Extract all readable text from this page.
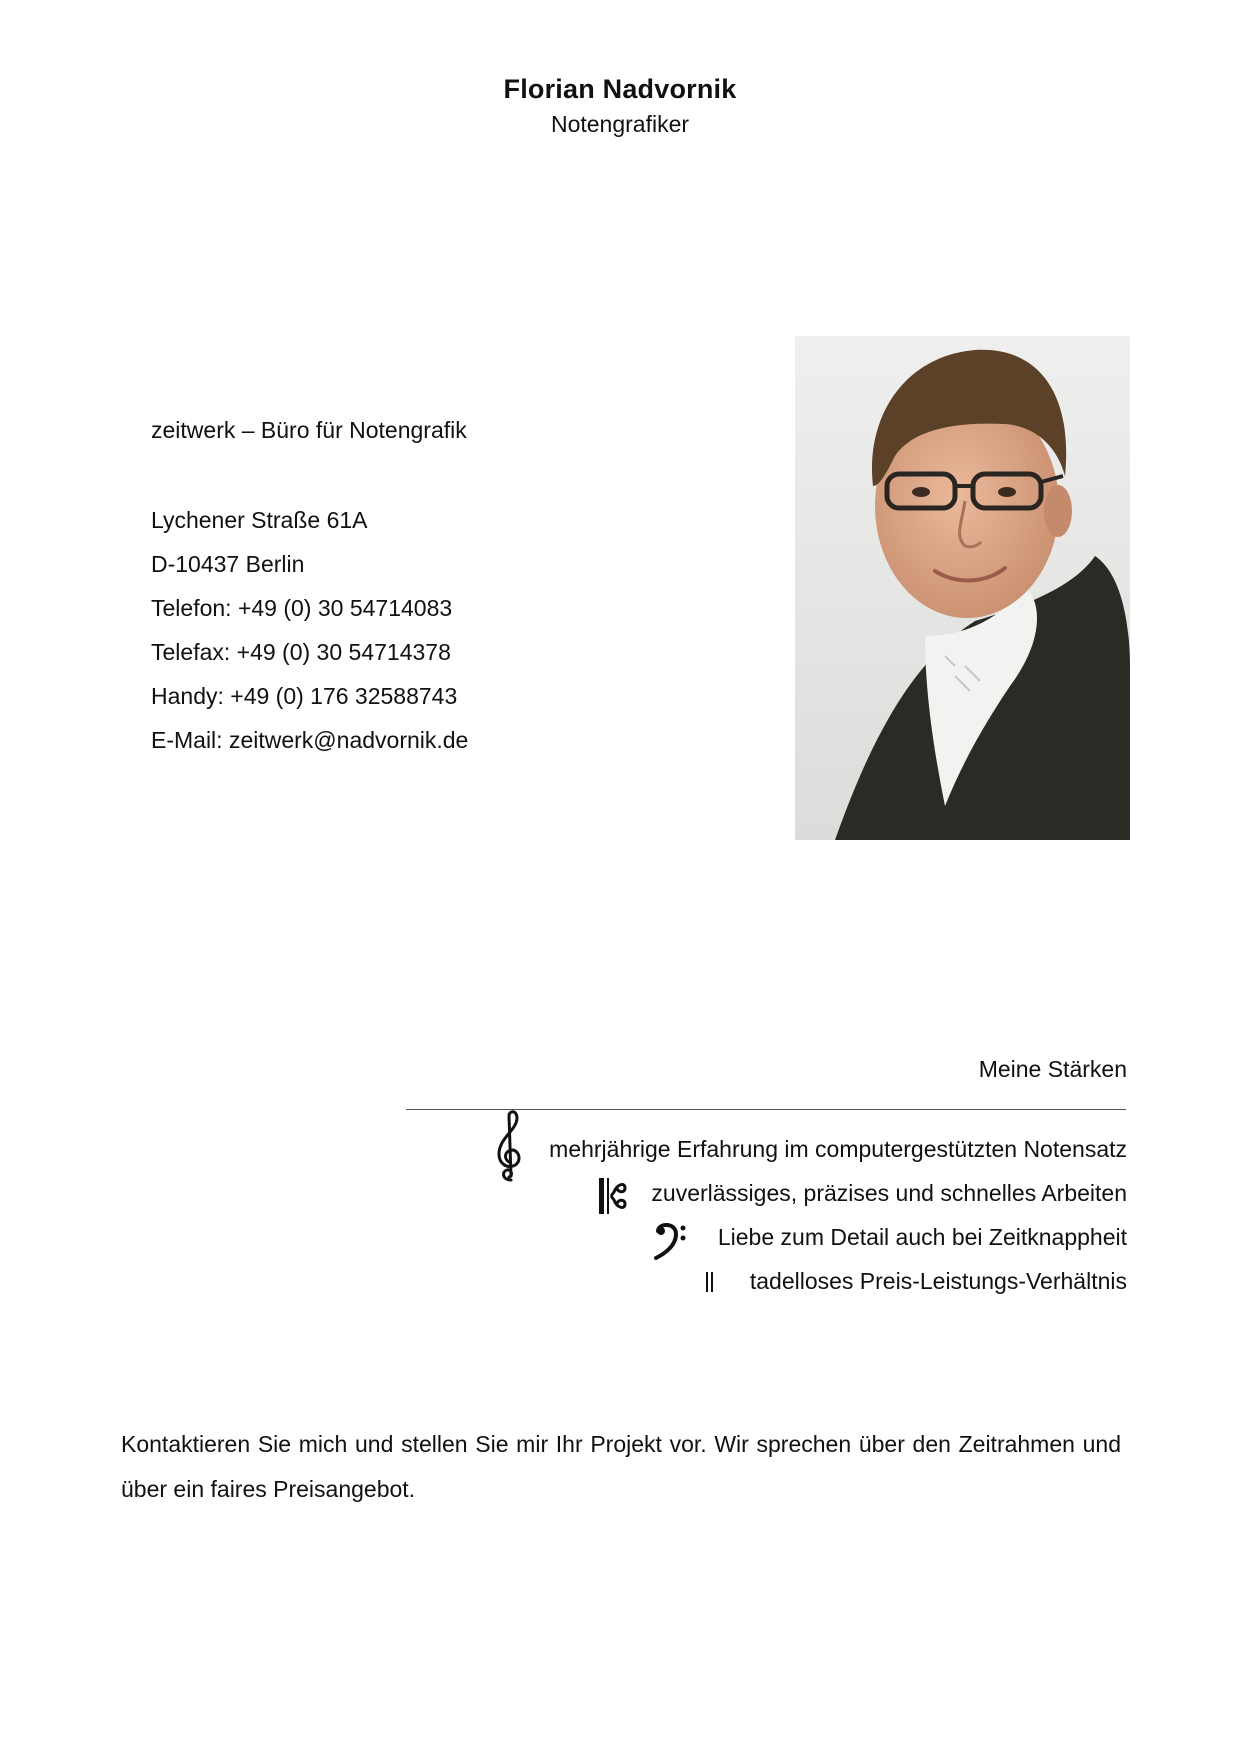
Florian Nadvornik

Notengrafiker

zeitwerk – Büro für Notengrafik

Lychener Straße 61A
D-10437 Berlin
Telefon: +49 (0) 30 54714083
Telefax: +49 (0) 30 54714378
Handy: +49 (0) 176 32588743
E-Mail: zeitwerk@nadvornik.de

Meine Stärken

mehrjährige Erfahrung im computergestützten Notensatz
zuverlässiges, präzises und schnelles Arbeiten
Liebe zum Detail auch bei Zeitknappheit
tadelloses Preis-Leistungs-Verhältnis

Kontaktieren Sie mich und stellen Sie mir Ihr Projekt vor. Wir sprechen über den Zeitrahmen und über ein faires Preisangebot.
